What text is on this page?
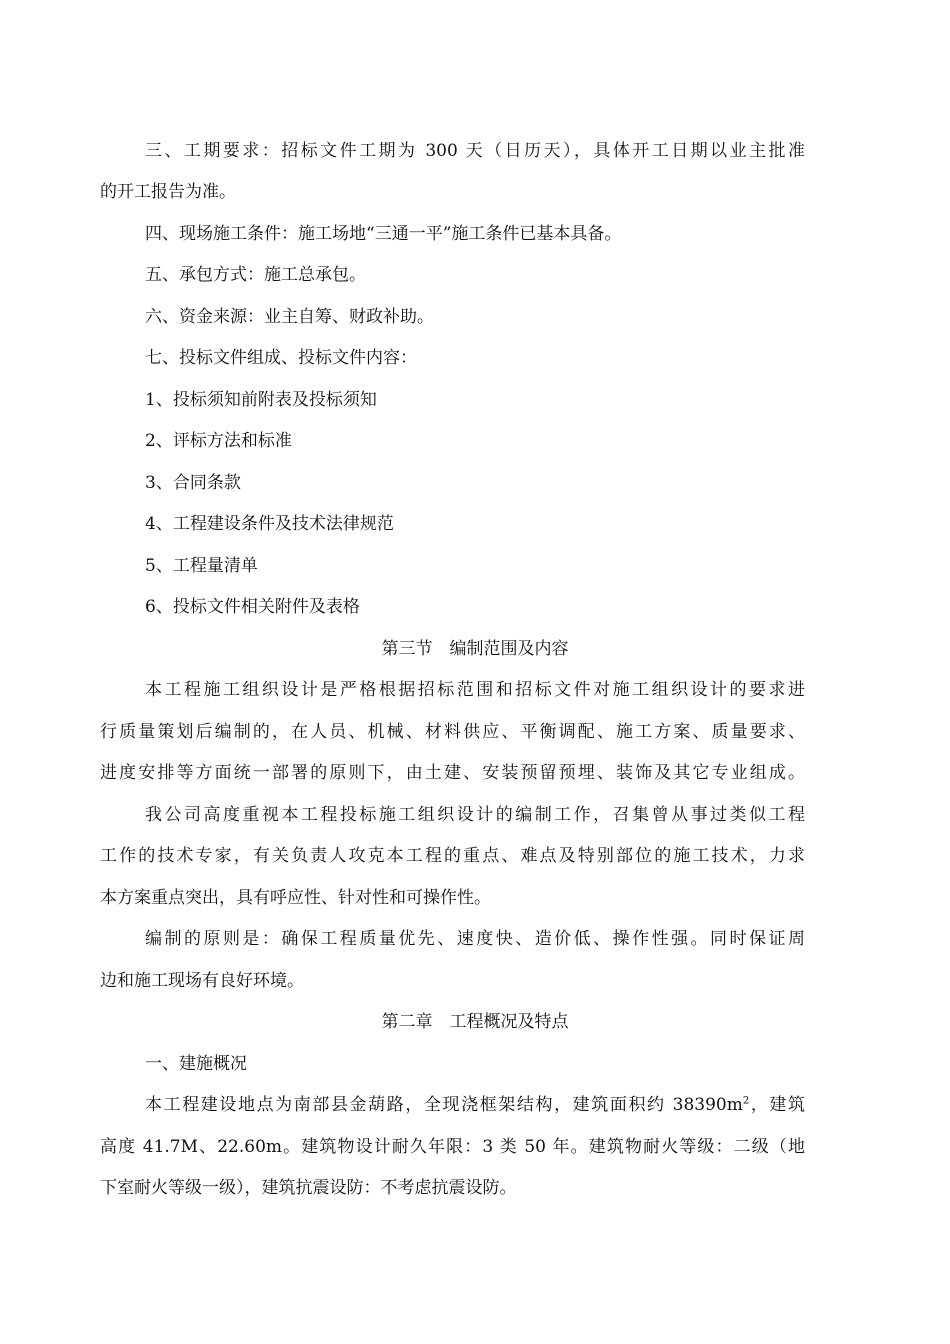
三、工期要求：招标文件工期为 300 天（日历天），具体开工日期以业主批准
的开工报告为准。
四、现场施工条件：施工场地“三通一平”施工条件已基本具备。
五、承包方式：施工总承包。
六、资金来源：业主自筹、财政补助。
七、投标文件组成、投标文件内容：
1、投标须知前附表及投标须知
2、评标方法和标准
3、合同条款
4、工程建设条件及技术法律规范
5、工程量清单
6、投标文件相关附件及表格
第三节　编制范围及内容
本工程施工组织设计是严格根据招标范围和招标文件对施工组织设计的要求进
行质量策划后编制的，在人员、机械、材料供应、平衡调配、施工方案、质量要求、
进度安排等方面统一部署的原则下，由土建、安装预留预埋、装饰及其它专业组成。
我公司高度重视本工程投标施工组织设计的编制工作，召集曾从事过类似工程
工作的技术专家，有关负责人攻克本工程的重点、难点及特别部位的施工技术，力求
本方案重点突出，具有呼应性、针对性和可操作性。
编制的原则是：确保工程质量优先、速度快、造价低、操作性强。同时保证周
边和施工现场有良好环境。
第二章　工程概况及特点
一、建施概况
本工程建设地点为南部县金葫路，全现浇框架结构，建筑面积约 $38390m^2$，建筑
高度 41.7M、22.60m。建筑物设计耐久年限：3 类 50 年。建筑物耐火等级：二级（地
下室耐火等级一级），建筑抗震设防：不考虑抗震设防。
